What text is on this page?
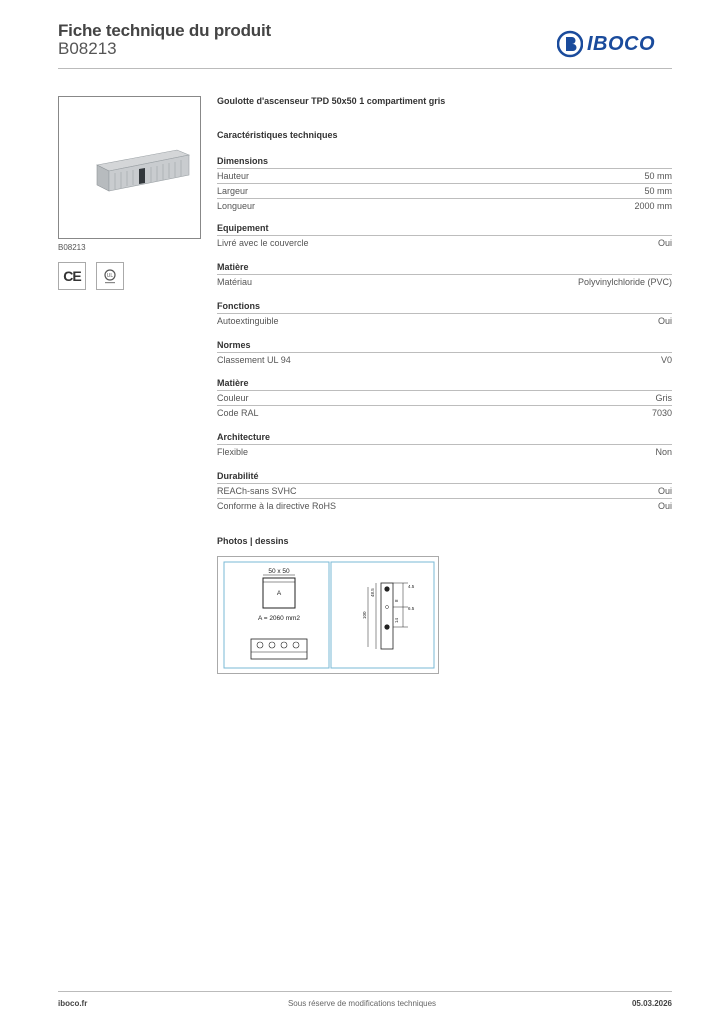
Fiche technique du produit
B08213	IBOCO
B08213
CE	UL
Goulotte d'ascenseur TPD 50x50 1 compartiment gris
Caractéristiques techniques
Dimensions
Hauteur	50 mm
Largeur	50 mm
Longueur	2000 mm
Equipement
Livré avec le couvercle	Oui
Matière
Matériau	Polyvinylchloride (PVC)
Fonctions
Autoextinguible	Oui
Normes
Classement UL 94	V0
Matière
Couleur	Gris
Code RAL	7030
Architecture
Flexible	Non
Durabilité
REACh-sans SVHC	Oui
Conforme à la directive RoHS	Oui
Photos | dessins
50 x 50
A
A = 2060 mm2
4.5
8
6.5
14
48.5
100
iboco.fr	Sous réserve de modifications techniques	05.03.2026
